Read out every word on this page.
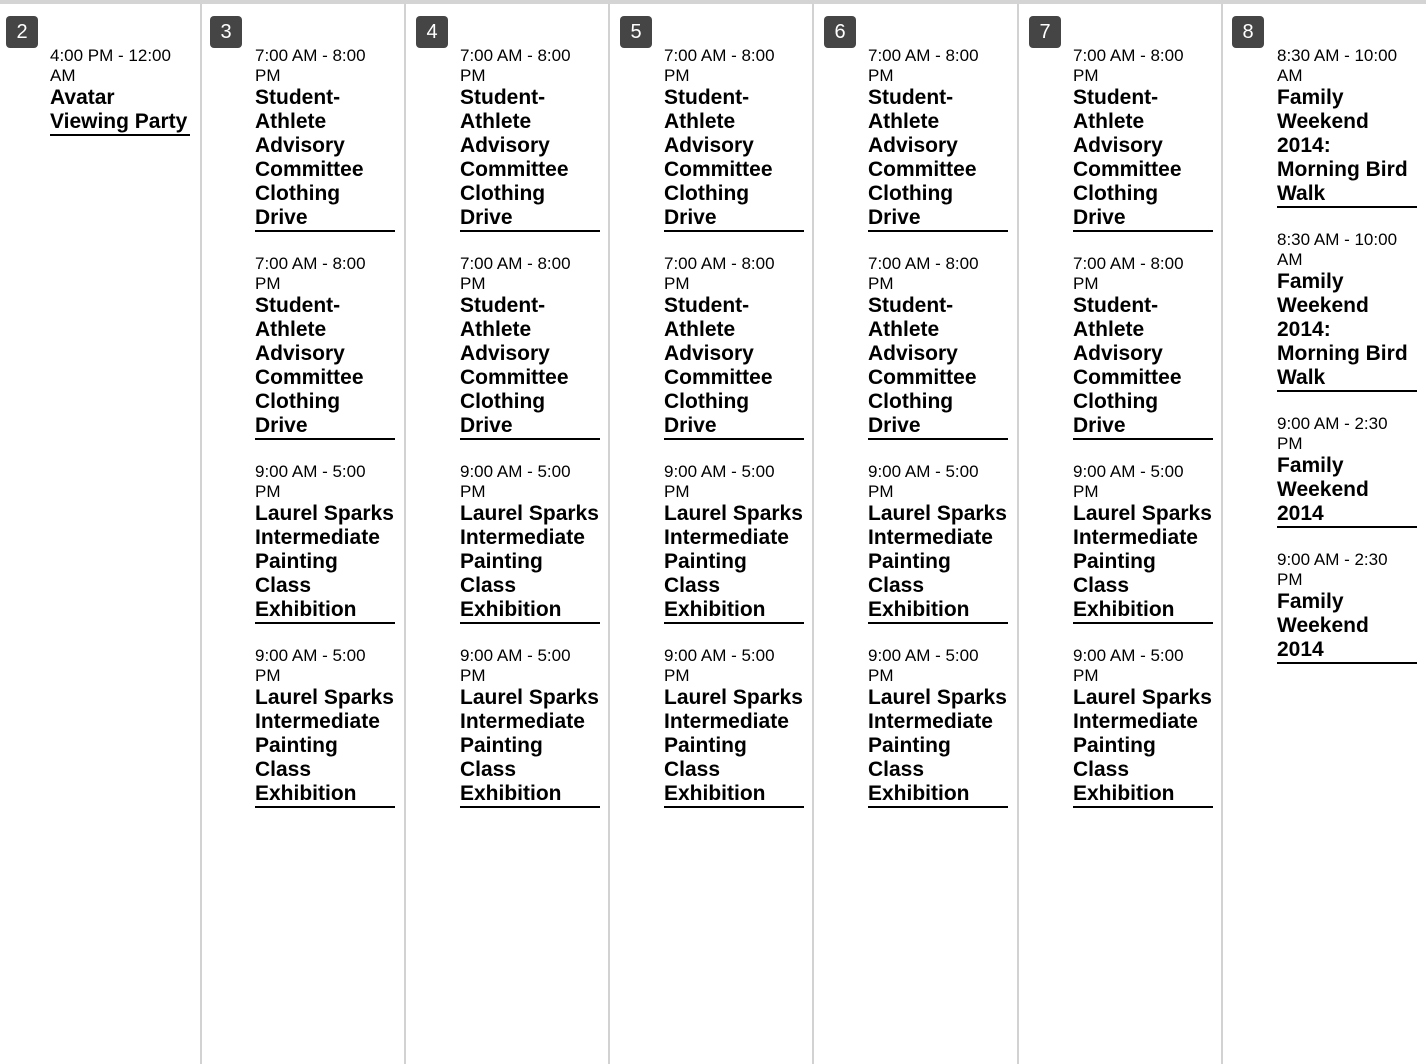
2
4:00 PM - 12:00 AM
Avatar Viewing Party
3
7:00 AM - 8:00 PM
Student-Athlete Advisory Committee Clothing Drive
7:00 AM - 8:00 PM
Student-Athlete Advisory Committee Clothing Drive
9:00 AM - 5:00 PM
Laurel Sparks Intermediate Painting Class Exhibition
9:00 AM - 5:00 PM
Laurel Sparks Intermediate Painting Class Exhibition
4
7:00 AM - 8:00 PM
Student-Athlete Advisory Committee Clothing Drive
7:00 AM - 8:00 PM
Student-Athlete Advisory Committee Clothing Drive
9:00 AM - 5:00 PM
Laurel Sparks Intermediate Painting Class Exhibition
9:00 AM - 5:00 PM
Laurel Sparks Intermediate Painting Class Exhibition
5
7:00 AM - 8:00 PM
Student-Athlete Advisory Committee Clothing Drive
7:00 AM - 8:00 PM
Student-Athlete Advisory Committee Clothing Drive
9:00 AM - 5:00 PM
Laurel Sparks Intermediate Painting Class Exhibition
9:00 AM - 5:00 PM
Laurel Sparks Intermediate Painting Class Exhibition
6
7:00 AM - 8:00 PM
Student-Athlete Advisory Committee Clothing Drive
7:00 AM - 8:00 PM
Student-Athlete Advisory Committee Clothing Drive
9:00 AM - 5:00 PM
Laurel Sparks Intermediate Painting Class Exhibition
9:00 AM - 5:00 PM
Laurel Sparks Intermediate Painting Class Exhibition
7
7:00 AM - 8:00 PM
Student-Athlete Advisory Committee Clothing Drive
7:00 AM - 8:00 PM
Student-Athlete Advisory Committee Clothing Drive
9:00 AM - 5:00 PM
Laurel Sparks Intermediate Painting Class Exhibition
9:00 AM - 5:00 PM
Laurel Sparks Intermediate Painting Class Exhibition
8
8:30 AM - 10:00 AM
Family Weekend 2014: Morning Bird Walk
8:30 AM - 10:00 AM
Family Weekend 2014: Morning Bird Walk
9:00 AM - 2:30 PM
Family Weekend 2014
9:00 AM - 2:30 PM
Family Weekend 2014
